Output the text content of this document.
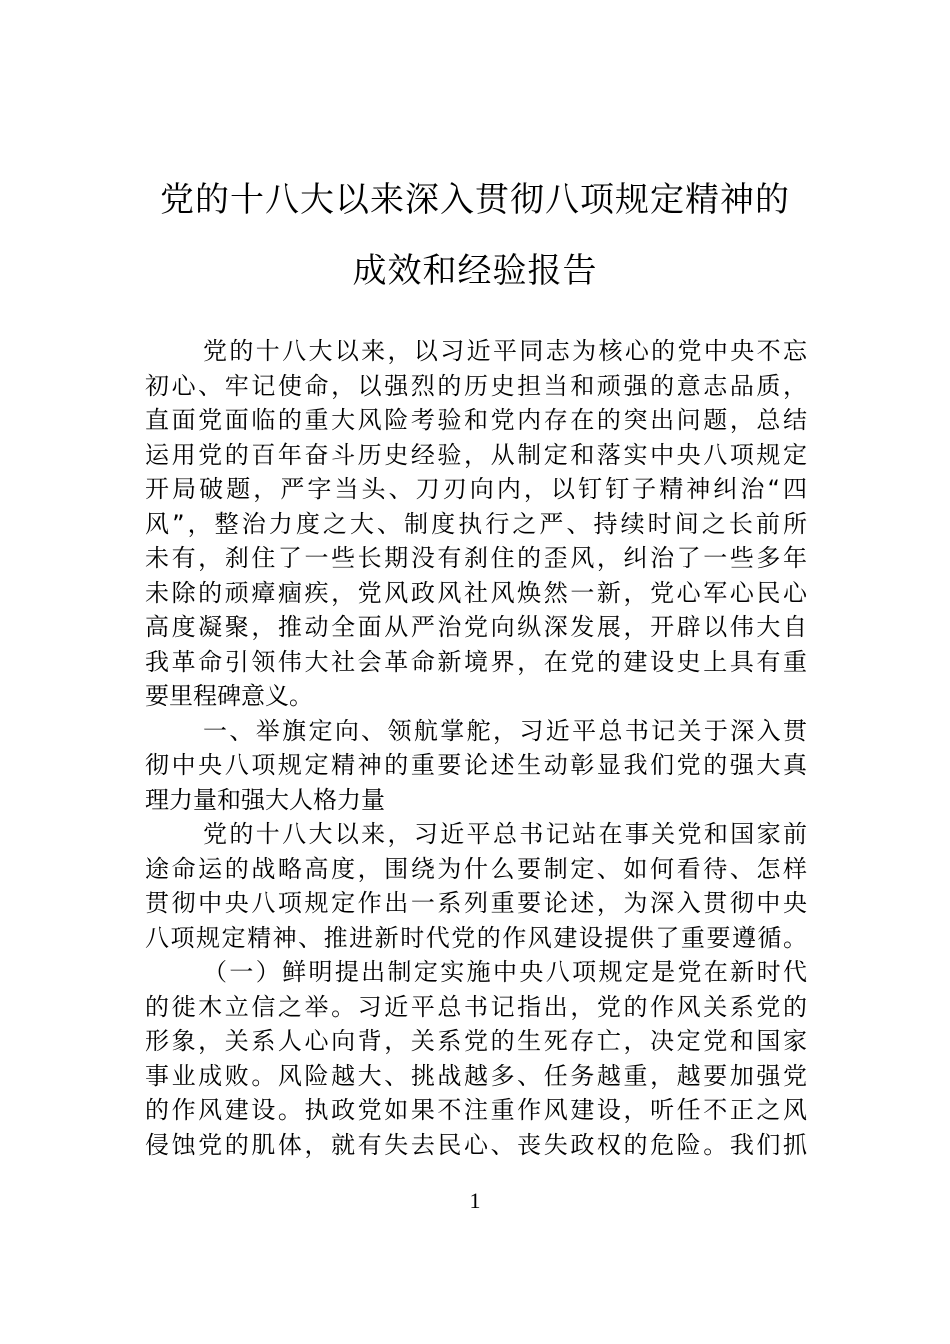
党的十八大以来深入贯彻八项规定精神的
成效和经验报告
党的十八大以来，以习近平同志为核心的党中央不忘
初心、牢记使命，以强烈的历史担当和顽强的意志品质，
直面党面临的重大风险考验和党内存在的突出问题，总结
运用党的百年奋斗历史经验，从制定和落实中央八项规定
开局破题，严字当头、刀刃向内，以钉钉子精神纠治“四
风”，整治力度之大、制度执行之严、持续时间之长前所
未有，刹住了一些长期没有刹住的歪风，纠治了一些多年
未除的顽瘴痼疾，党风政风社风焕然一新，党心军心民心
高度凝聚，推动全面从严治党向纵深发展，开辟以伟大自
我革命引领伟大社会革命新境界，在党的建设史上具有重
要里程碑意义。
一、举旗定向、领航掌舵，习近平总书记关于深入贯
彻中央八项规定精神的重要论述生动彰显我们党的强大真
理力量和强大人格力量
党的十八大以来，习近平总书记站在事关党和国家前
途命运的战略高度，围绕为什么要制定、如何看待、怎样
贯彻中央八项规定作出一系列重要论述，为深入贯彻中央
八项规定精神、推进新时代党的作风建设提供了重要遵循。
（一）鲜明提出制定实施中央八项规定是党在新时代
的徙木立信之举。习近平总书记指出，党的作风关系党的
形象，关系人心向背，关系党的生死存亡，决定党和国家
事业成败。风险越大、挑战越多、任务越重，越要加强党
的作风建设。执政党如果不注重作风建设，听任不正之风
侵蚀党的肌体，就有失去民心、丧失政权的危险。我们抓
1
